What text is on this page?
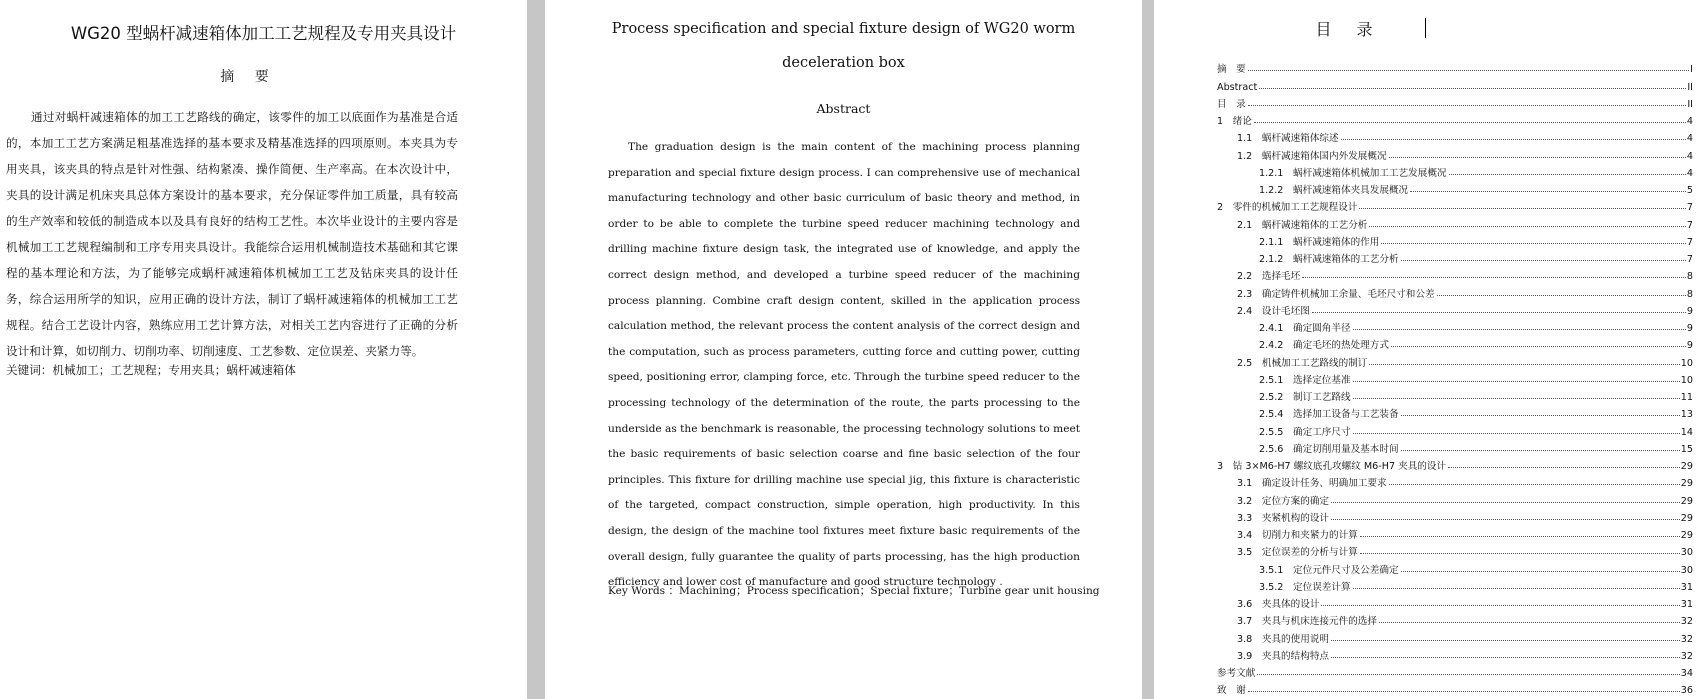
WG20 型蜗杆减速箱体加工工艺规程及专用夹具设计
摘 要

通过对蜗杆减速箱体的加工工艺路线的确定，该零件的加工以底面作为基准是合适的，本加工工艺方案满足粗基准选择的基本要求及精基准选择的四项原则。本夹具为专用夹具，该夹具的特点是针对性强、结构紧凑、操作简便、生产率高。在本次设计中，夹具的设计满足机床夹具总体方案设计的基本要求，充分保证零件加工质量，具有较高的生产效率和较低的制造成本以及具有良好的结构工艺性。本次毕业设计的主要内容是机械加工工艺规程编制和工序专用夹具设计。我能综合运用机械制造技术基础和其它课程的基本理论和方法，为了能够完成蜗杆减速箱体机械加工工艺及钻床夹具的设计任务，综合运用所学的知识，应用正确的设计方法，制订了蜗杆减速箱体的机械加工工艺规程。结合工艺设计内容，熟练应用工艺计算方法，对相关工艺内容进行了正确的分析设计和计算，如切削力、切削功率、切削速度、工艺参数、定位误差、夹紧力等。

关键词：机械加工；工艺规程；专用夹具；蜗杆减速箱体
Process specification and special fixture design of WG20 worm
deceleration box
Abstract

The graduation design is the main content of the machining process planning preparation and special fixture design process. I can comprehensive use of mechanical manufacturing technology and other basic curriculum of basic theory and method, in order to be able to complete the turbine speed reducer machining technology and drilling machine fixture design task, the integrated use of knowledge, and apply the correct design method, and developed a turbine speed reducer of the machining process planning. Combine craft design content, skilled in the application process calculation method, the relevant process the content analysis of the correct design and the computation, such as process parameters, cutting force and cutting power, cutting speed, positioning error, clamping force, etc. Through the turbine speed reducer to the processing technology of the determination of the route, the parts processing to the underside as the benchmark is reasonable, the processing technology solutions to meet the basic requirements of basic selection coarse and fine basic selection of the four principles. This fixture for drilling machine use special jig, this fixture is characteristic of the targeted, compact construction, simple operation, high productivity. In this design, the design of the machine tool fixtures meet fixture basic requirements of the overall design, fully guarantee the quality of parts processing, has the high production efficiency and lower cost of manufacture and good structure technology .

Key Words ：Machining；Process specification；Special fixture；Turbine gear unit housing
目 录
摘　要	I
Abstract	II
目　录	II
1　绪论	4
1.1　蜗杆减速箱体综述	4
1.2　蜗杆减速箱体国内外发展概况	4
1.2.1　蜗杆减速箱体机械加工工艺发展概况	4
1.2.2　蜗杆减速箱体夹具发展概况	5
2　零件的机械加工工艺规程设计	7
2.1　蜗杆减速箱体的工艺分析	7
2.1.1　蜗杆减速箱体的作用	7
2.1.2　蜗杆减速箱体的工艺分析	7
2.2　选择毛坯	8
2.3　确定铸件机械加工余量、毛坯尺寸和公差	8
2.4　设计毛坯图	9
2.4.1　确定圆角半径	9
2.4.2　确定毛坯的热处理方式	9
2.5　机械加工工艺路线的制订	10
2.5.1　选择定位基准	10
2.5.2　制订工艺路线	11
2.5.4　选择加工设备与工艺装备	13
2.5.5　确定工序尺寸	14
2.5.6　确定切削用量及基本时间	15
3　钻 3×M6-H7 螺纹底孔攻螺纹 M6-H7 夹具的设计	29
3.1　确定设计任务、明确加工要求	29
3.2　定位方案的确定	29
3.3　夹紧机构的设计	29
3.4　切削力和夹紧力的计算	29
3.5　定位误差的分析与计算	30
3.5.1　定位元件尺寸及公差确定	30
3.5.2　定位误差计算	31
3.6　夹具体的设计	31
3.7　夹具与机床连接元件的选择	32
3.8　夹具的使用说明	32
3.9　夹具的结构特点	32
参考文献	34
致　谢	36
